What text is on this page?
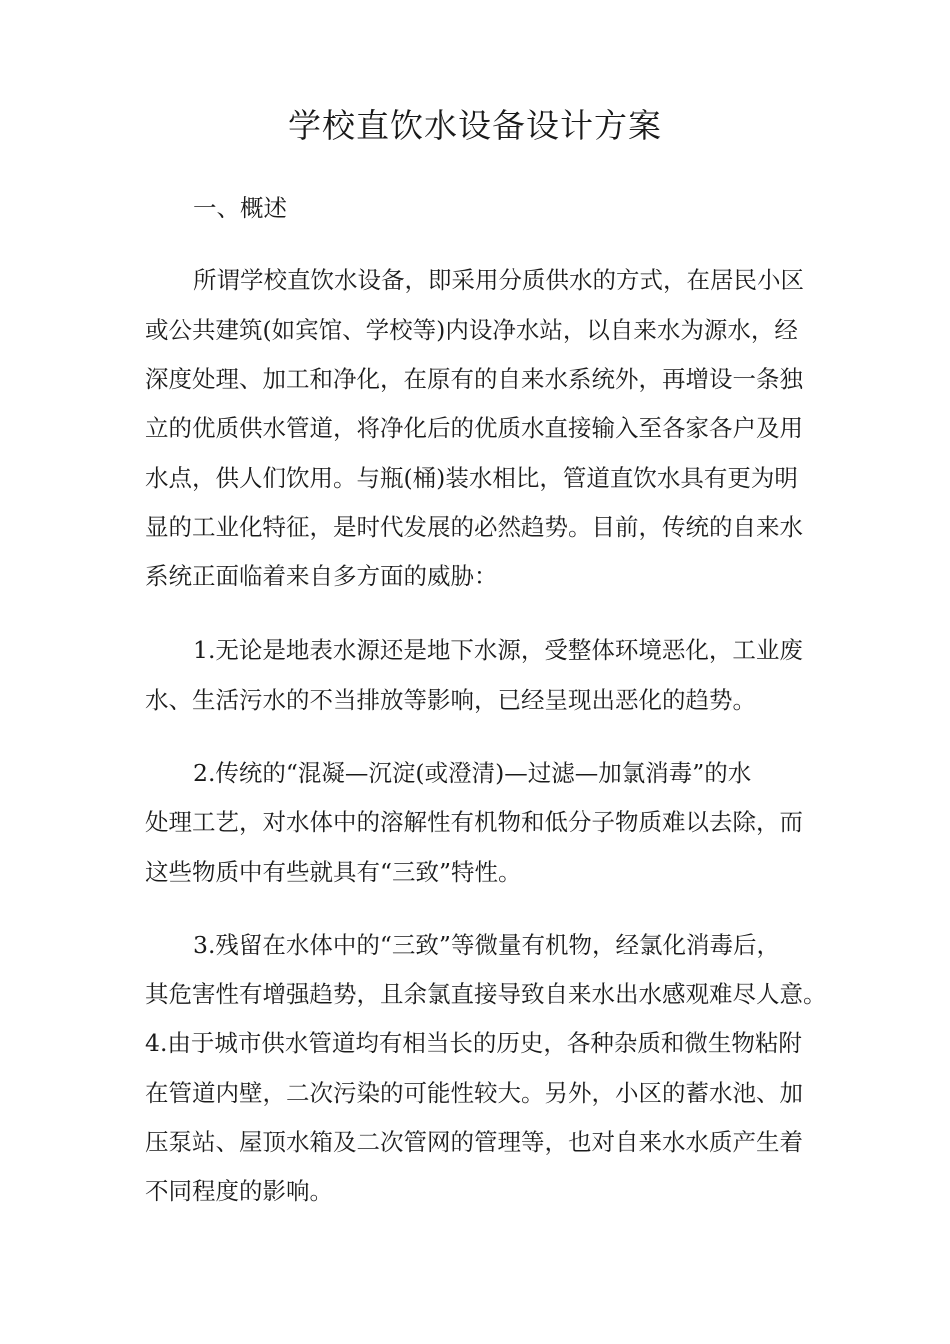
学校直饮水设备设计方案

一、概述

所谓学校直饮水设备，即采用分质供水的方式，在居民小区

或公共建筑(如宾馆、学校等)内设净水站，以自来水为源水，经

深度处理、加工和净化，在原有的自来水系统外，再增设一条独

立的优质供水管道，将净化后的优质水直接输入至各家各户及用

水点，供人们饮用。与瓶(桶)装水相比，管道直饮水具有更为明

显的工业化特征，是时代发展的必然趋势。目前，传统的自来水

系统正面临着来自多方面的威胁：

1.无论是地表水源还是地下水源，受整体环境恶化，工业废

水、生活污水的不当排放等影响，已经呈现出恶化的趋势。

2.传统的“混凝—沉淀(或澄清)—过滤—加氯消毒”的水

处理工艺，对水体中的溶解性有机物和低分子物质难以去除，而

这些物质中有些就具有“三致”特性。

3.残留在水体中的“三致”等微量有机物，经氯化消毒后，

其危害性有增强趋势，且余氯直接导致自来水出水感观难尽人意。

4.由于城市供水管道均有相当长的历史，各种杂质和微生物粘附

在管道内壁，二次污染的可能性较大。另外，小区的蓄水池、加

压泵站、屋顶水箱及二次管网的管理等，也对自来水水质产生着

不同程度的影响。
